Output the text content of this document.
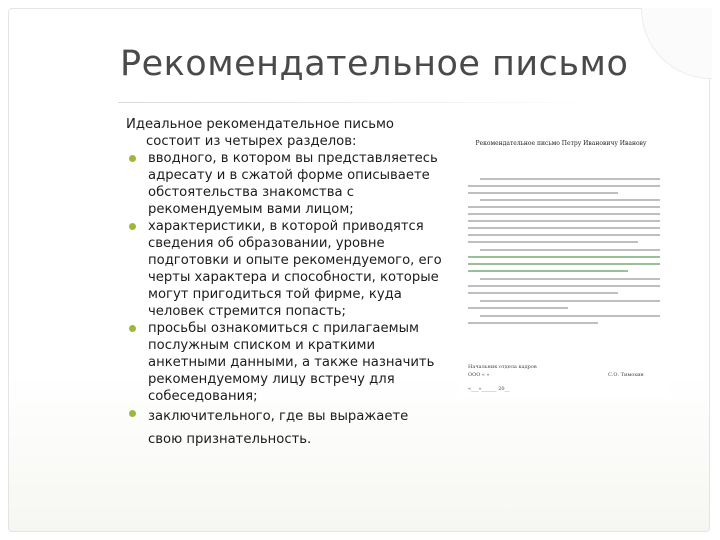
Рекомендательное письмо

Идеальное рекомендательное письмо состоит из четырех разделов:

вводного, в котором вы представляетесь адресату и в сжатой форме описываете обстоятельства знакомства с рекомендуемым вами лицом;
характеристики, в которой приводятся сведения об образовании, уровне подготовки и опыте рекомендуемого, его черты характера и способности, которые могут пригодиться той фирме, куда человек стремится попасть;
просьбы ознакомиться с прилагаемым послужным списком и краткими анкетными данными, а также назначить рекомендуемому лицу встречу для собеседования;
заключительного, где вы выражаете свою признательность.
Рекомендательное письмо Петру Ивановичу Иванову
Начальник отдела кадров
ООО « »	С.О. Тимохин
«___»______ 20__
